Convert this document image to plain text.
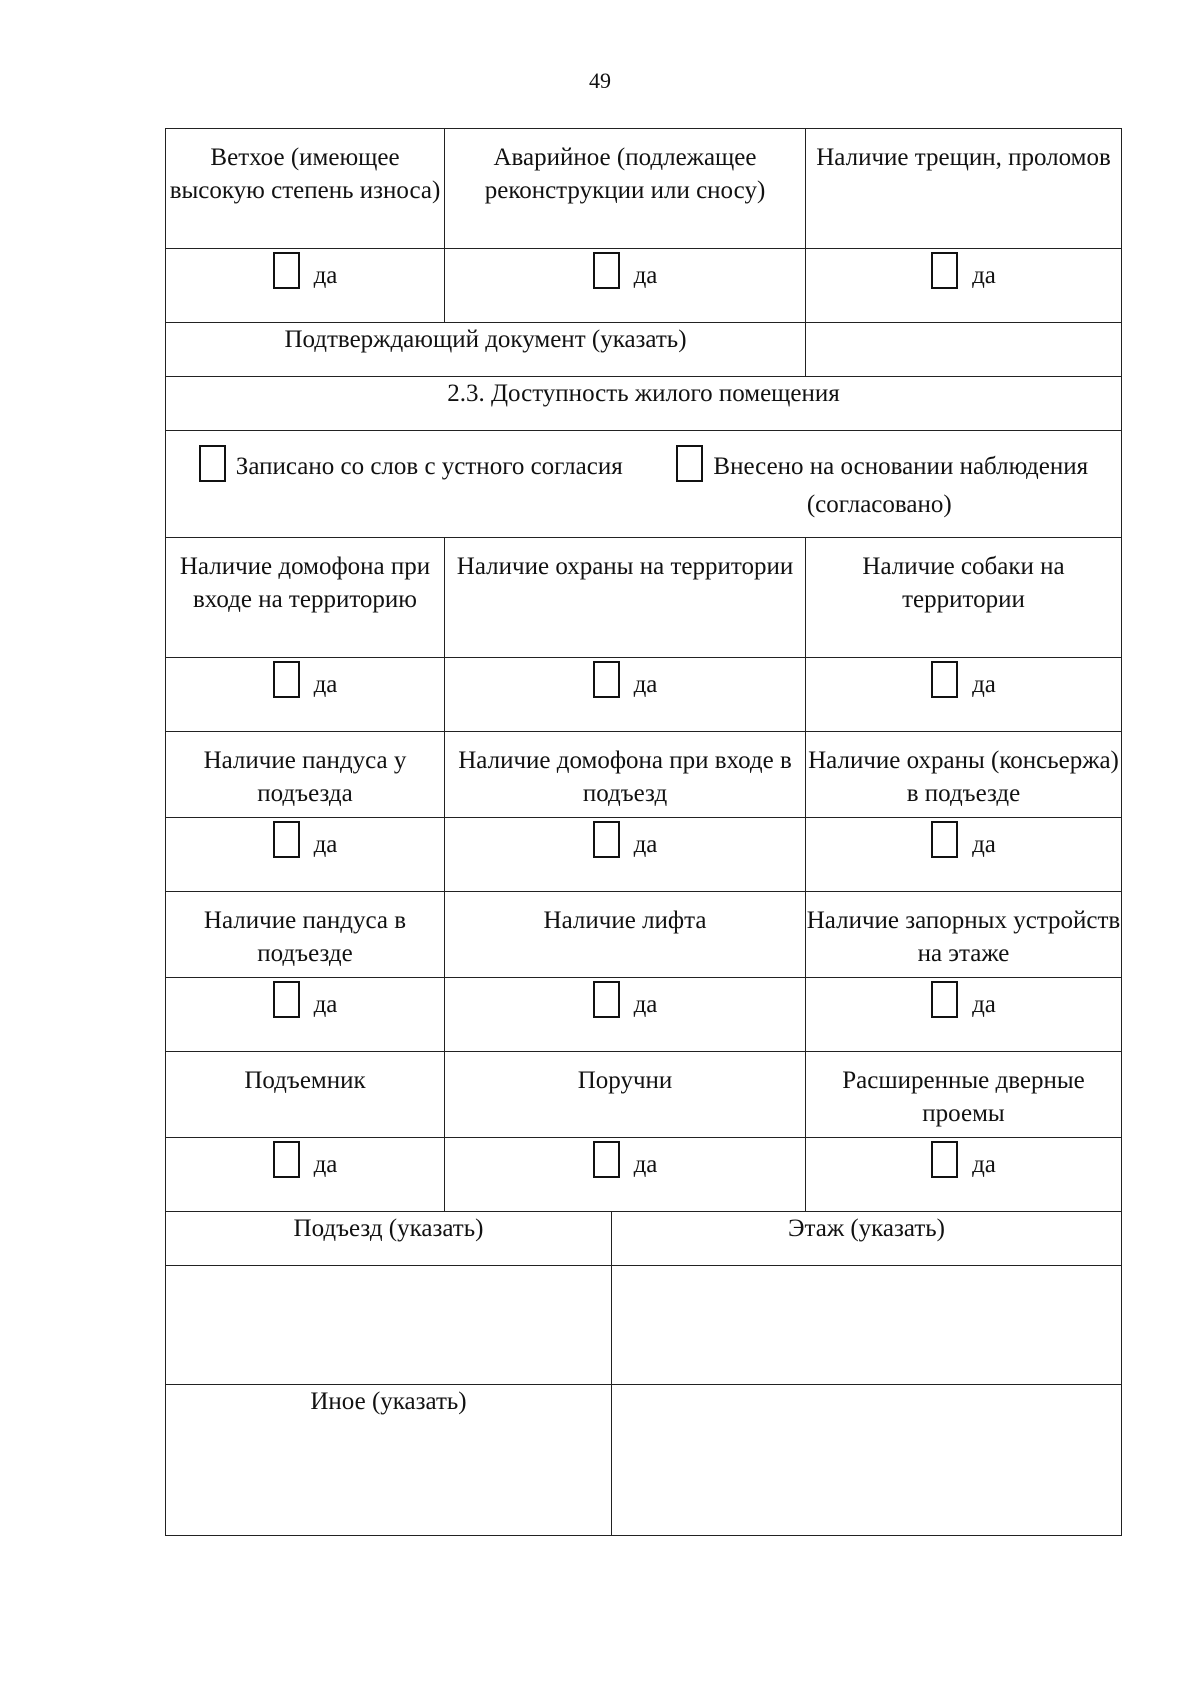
49
Ветхое (имеющее высокую степень износа)	Аварийное (подлежащее реконструкции или сносу)		Наличие трещин, проломов

да	да		да

Подтверждающий документ (указать)			
2.3. Доступность жилого помещения			

Записано со слов с устного согласия Внесено на основании наблюдения (согласовано)			

Наличие домофона при входе на территорию	Наличие охраны на территории		Наличие собаки на территории

да	да		да

Наличие пандуса у подъезда	Наличие домофона при входе в подъезд		Наличие охраны (консьержа) в подъезде

да	да		да

Наличие пандуса в подъезде	Наличие лифта		Наличие запорных устройств на этаже

да	да		да

Подъемник	Поручни		Расширенные дверные проемы

да	да		да

Подъезд (указать)		Этаж (указать)	

Иное (указать)			
